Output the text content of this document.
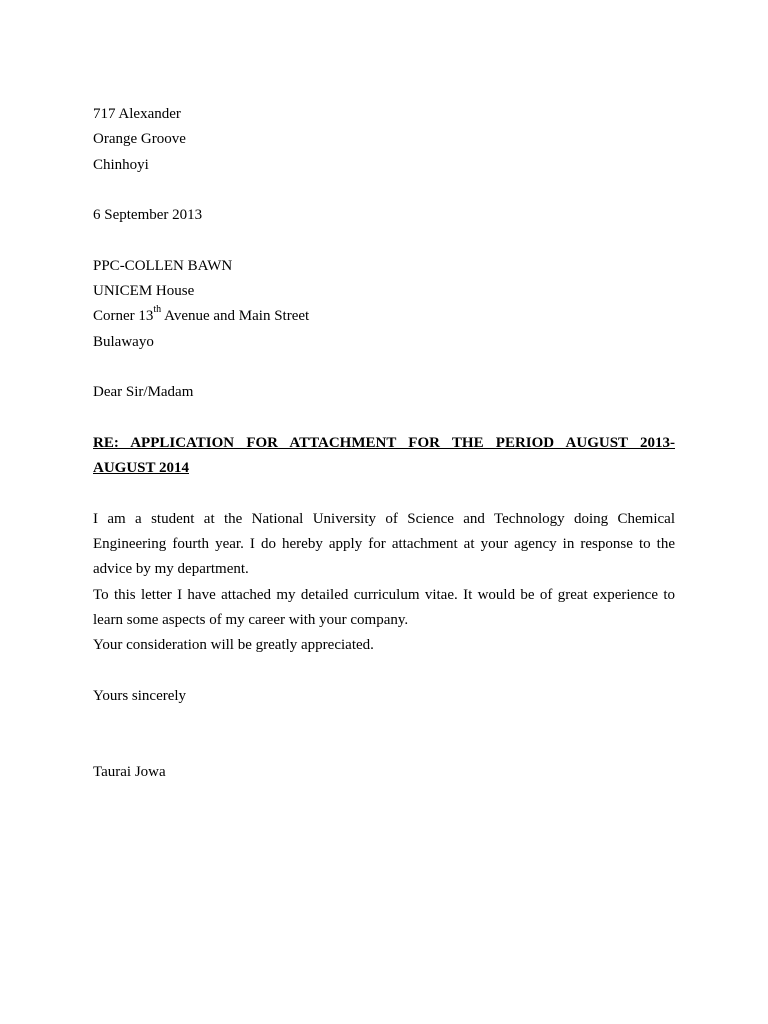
717 Alexander
Orange Groove
Chinhoyi
6 September 2013
PPC-COLLEN BAWN
UNICEM House
Corner 13th Avenue and Main Street
Bulawayo
Dear Sir/Madam
RE: APPLICATION FOR ATTACHMENT FOR THE PERIOD AUGUST 2013-
AUGUST 2014
I am a student at the National University of Science and Technology doing Chemical
Engineering fourth year. I do hereby apply for attachment at your agency in response to the
advice by my department.
To this letter I have attached my detailed curriculum vitae. It would be of great experience to
learn some aspects of my career with your company.
Your consideration will be greatly appreciated.
Yours sincerely
Taurai Jowa
